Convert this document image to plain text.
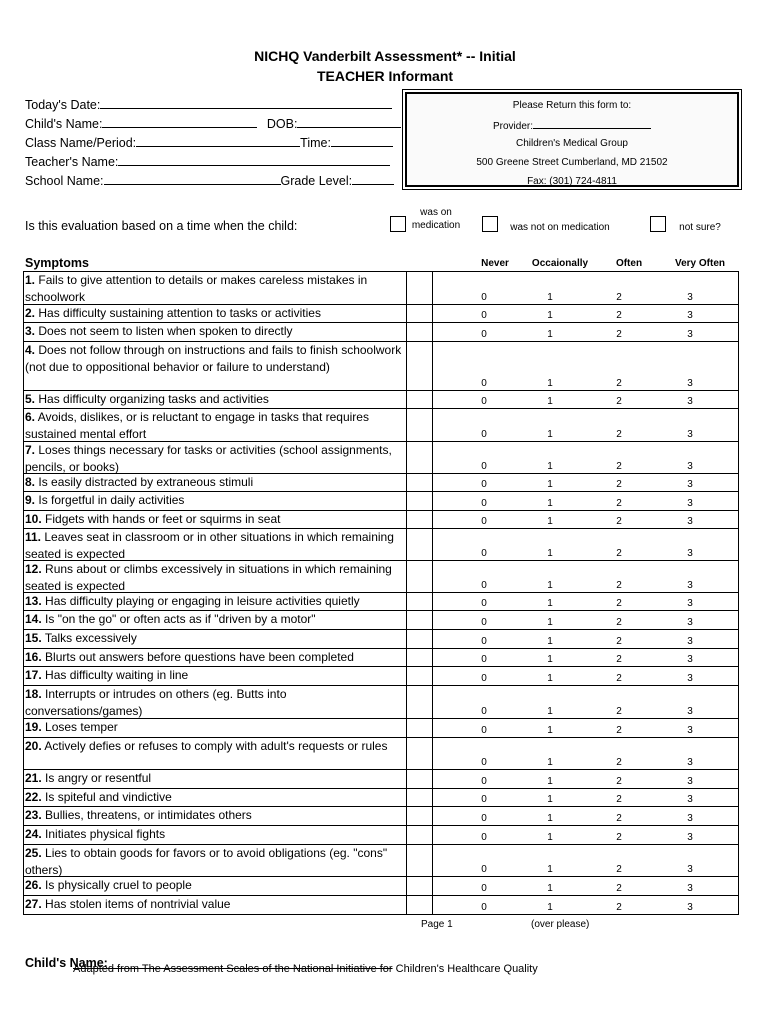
NICHQ Vanderbilt Assessment* -- Initial
TEACHER Informant
Today's Date:
Child's Name:	DOB:
Class Name/Period:	Time:
Teacher's Name:
School Name:	Grade Level:
Please Return this form to:
Provider:
Children's Medical Group
500 Greene Street Cumberland, MD 21502
Fax: (301) 724-4811
Is this evaluation based on a time when the child:
was on
medication	was not on medication	not sure?
Symptoms	Never	Occaionally	Often	Very Often
1. Fails to give attention to details or makes careless mistakes in schoolwork	0	1	2	3
2. Has difficulty sustaining attention to tasks or activities	0	1	2	3
3. Does not seem to listen when spoken to directly	0	1	2	3
4. Does not follow through on instructions and fails to finish schoolwork (not due to oppositional behavior or failure to understand)
0	1	2	3
5. Has difficulty organizing tasks and activities	0	1	2	3
6. Avoids, dislikes, or is reluctant to engage in tasks that requires sustained mental effort	0	1	2	3
7. Loses things necessary for tasks or activities (school assignments, pencils, or books)	0	1	2	3
8. Is easily distracted by extraneous stimuli	0	1	2	3
9. Is forgetful in daily activities	0	1	2	3
10. Fidgets with hands or feet or squirms in seat	0	1	2	3
11. Leaves seat in classroom or in other situations in which remaining seated is expected	0	1	2	3
12. Runs about or climbs excessively in situations in which remaining seated is expected	0	1	2	3
13. Has difficulty playing or engaging in leisure activities quietly	0	1	2	3
14. Is "on the go" or often acts as if "driven by a motor"	0	1	2	3
15. Talks excessively	0	1	2	3
16. Blurts out answers before questions have been completed	0	1	2	3
17. Has difficulty waiting in line	0	1	2	3
18. Interrupts or intrudes on others (eg. Butts into conversations/games)	0	1	2	3
19. Loses temper	0	1	2	3
20. Actively defies or refuses to comply with adult's requests or rules
0	1	2	3
21. Is angry or resentful	0	1	2	3
22. Is spiteful and vindictive	0	1	2	3
23. Bullies, threatens, or intimidates others	0	1	2	3
24. Initiates physical fights	0	1	2	3
25. Lies to obtain goods for favors or to avoid obligations (eg. "cons" others)	0	1	2	3
26. Is physically cruel to people	0	1	2	3
27. Has stolen items of nontrivial value	0	1	2	3
Page 1	(over please)
Child's Name:
Adapted from The Assessment Scales of the National Initiative for Children's Healthcare Quality
